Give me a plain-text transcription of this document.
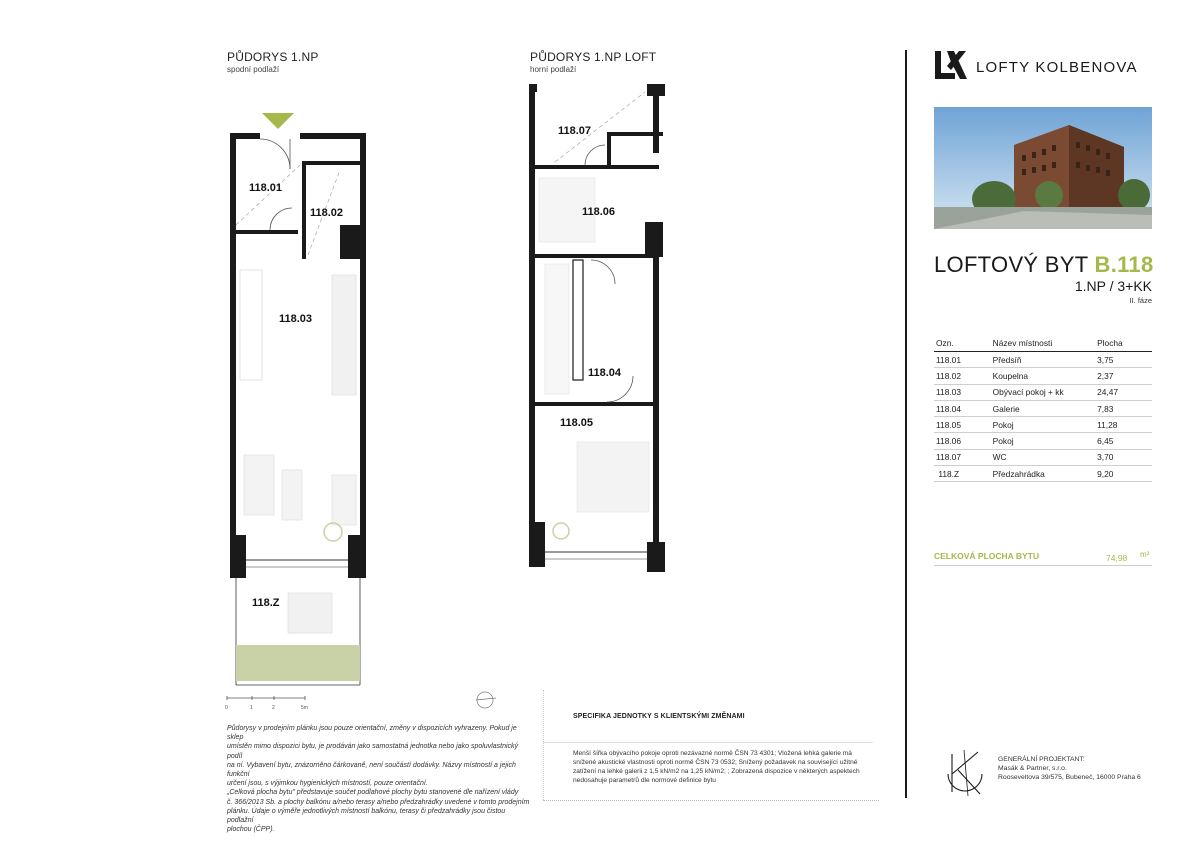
PŮDORYS 1.NP
spodní podlaží
118.01
118.02
118.03
118.Z
0	1	2	5m
Půdorysy v prodejním plánku jsou pouze orientační, změny v dispozicích vyhrazeny. Pokud je sklep
umístěn mimo dispozici bytu, je prodáván jako samostatná jednotka nebo jako spoluvlastnický podíl
na ní. Vybavení bytu, znázorněno čárkovaně, není součástí dodávky. Názvy místností a jejich funkční
určení jsou, s výjimkou hygienických místností, pouze orientační.
„Celková plocha bytu" představuje součet podlahové plochy bytu stanovené dle nařízení vlády
č. 366/2013 Sb. a plochy balkónu a/nebo terasy a/nebo předzahrádky uvedené v tomto prodejním
plánku. Údaje o výměře jednotlivých místností balkónu, terasy či předzahrádky jsou čistou podlažní
plochou (ČPP).
PŮDORYS 1.NP LOFT
horní podlaží
118.07
118.06
118.04
118.05
SPECIFIKA JEDNOTKY S KLIENTSKÝMI ZMĚNAMI
Menší šířka obývacího pokoje oproti nezávazné normě ČSN 73 4301; Vložená lehká galerie má
snížené akustické vlastnosti oproti normě ČSN 73 0532; Snížený požadavek na související užitné
zatížení na lehké galerii z 1,5 kN/m2 na 1,25 kN/m2; ; Zobrazená dispozice v některých aspektech
nedosahuje parametrů dle normové definice bytu
LOFTY KOLBENOVA
LOFTOVÝ BYT B.118
1.NP / 3+KK
II. fáze
Ozn.	Název místnosti	Plocha
118.01	Předsíň	3,75
118.02	Koupelna	2,37
118.03	Obývací pokoj + kk	24,47
118.04	Galerie	7,83
118.05	Pokoj	11,28
118.06	Pokoj	6,45
118.07	WC	3,70
118.Z	Předzahrádka	9,20
CELKOVÁ PLOCHA BYTU	74,98 m²
GENERÁLNÍ PROJEKTANT:
Masák & Partner, s.r.o.
Rooseveltova 39/575, Bubeneč, 16000 Praha 6
